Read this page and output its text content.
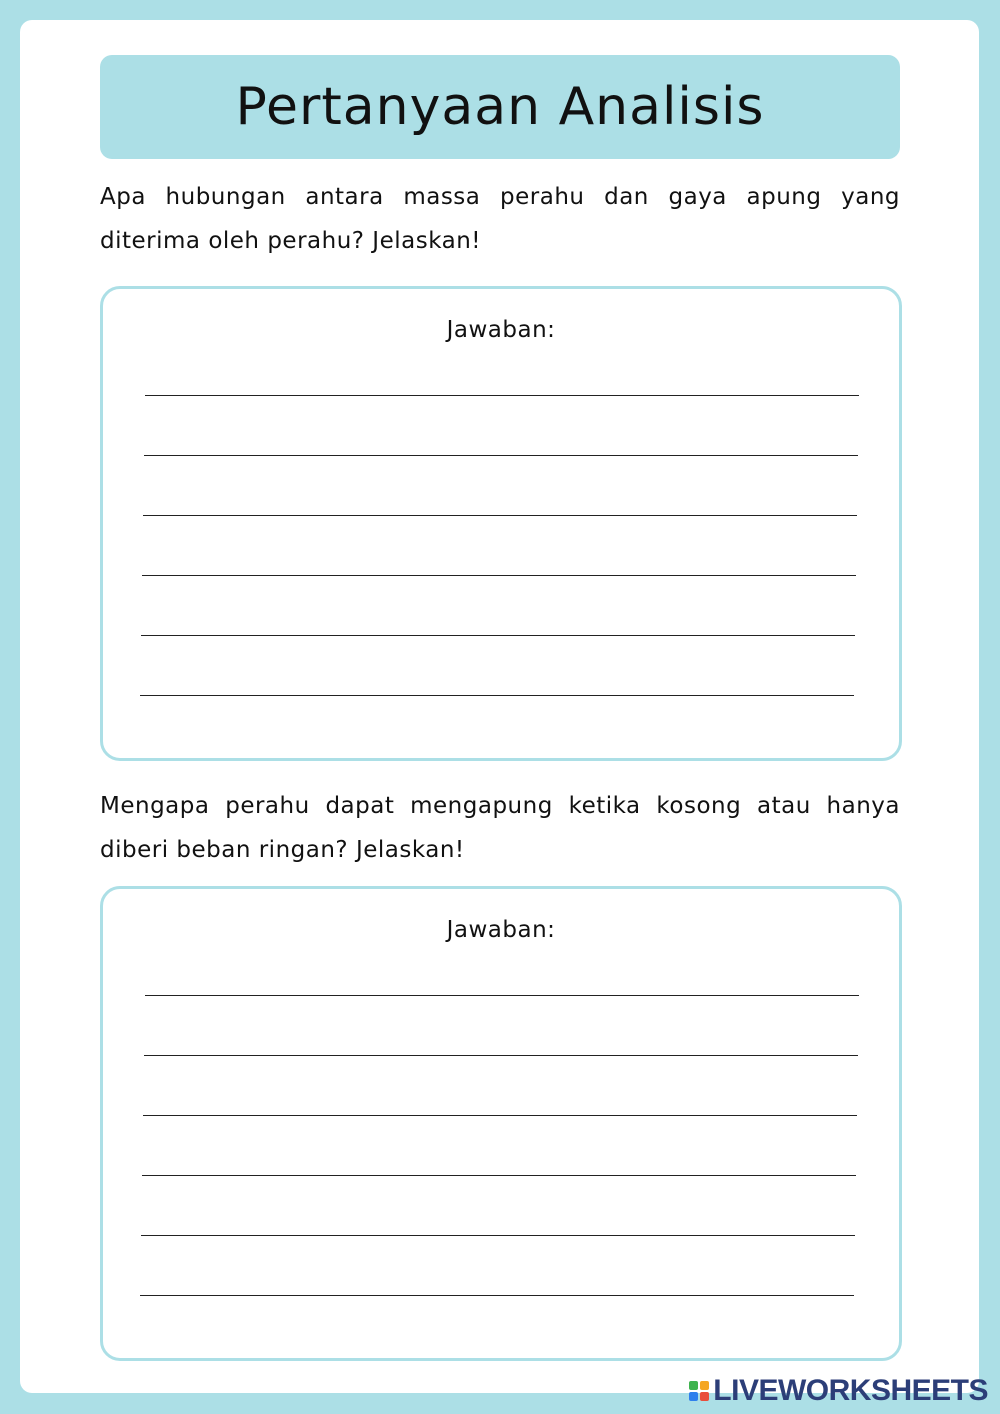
Pertanyaan Analisis
Apa hubungan antara massa perahu dan gaya apung yang diterima oleh perahu? Jelaskan!
Jawaban:
Mengapa perahu dapat mengapung ketika kosong atau hanya diberi beban ringan? Jelaskan!
Jawaban:
LIVEWORKSHEETS
